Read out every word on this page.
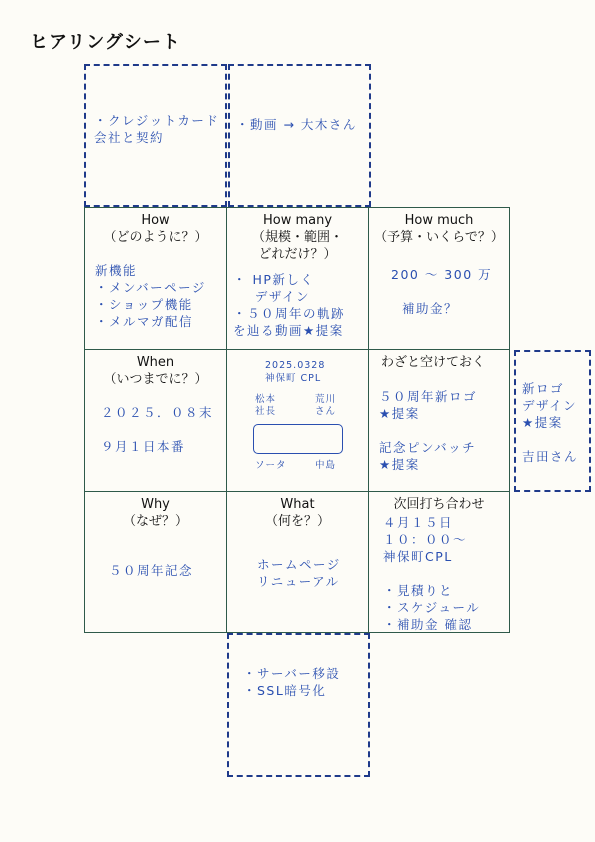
ヒアリングシート
・クレジットカード
会社と契約
・動画 → 大木さん
新ロゴ
デザイン
★提案

吉田さん
・サーバー移設
・SSL暗号化
How
（どのように？）
新機能
・メンバーページ
・ショップ機能
・メルマガ配信
How many
（規模・範囲・
どれだけ？）
・ HP新しく
デザイン
・５０周年の軌跡
を辿る動画★提案
How much
（予算・いくらで？）
200 〜 300 万

補助金？
When
（いつまでに？）
２０２５．０８末

９月１日本番
2025.0328
神保町 CPL
松本
社長
荒川
さん
ソータ	中島
わざと空けておく
５０周年新ロゴ
★提案

記念ピンバッチ
★提案
Why
（なぜ？）
５０周年記念
What
（何を？）
ホームページ
リニューアル
次回打ち合わせ
４月１５日
１０：００〜
神保町CPL

・見積りと
・スケジュール
・補助金 確認
